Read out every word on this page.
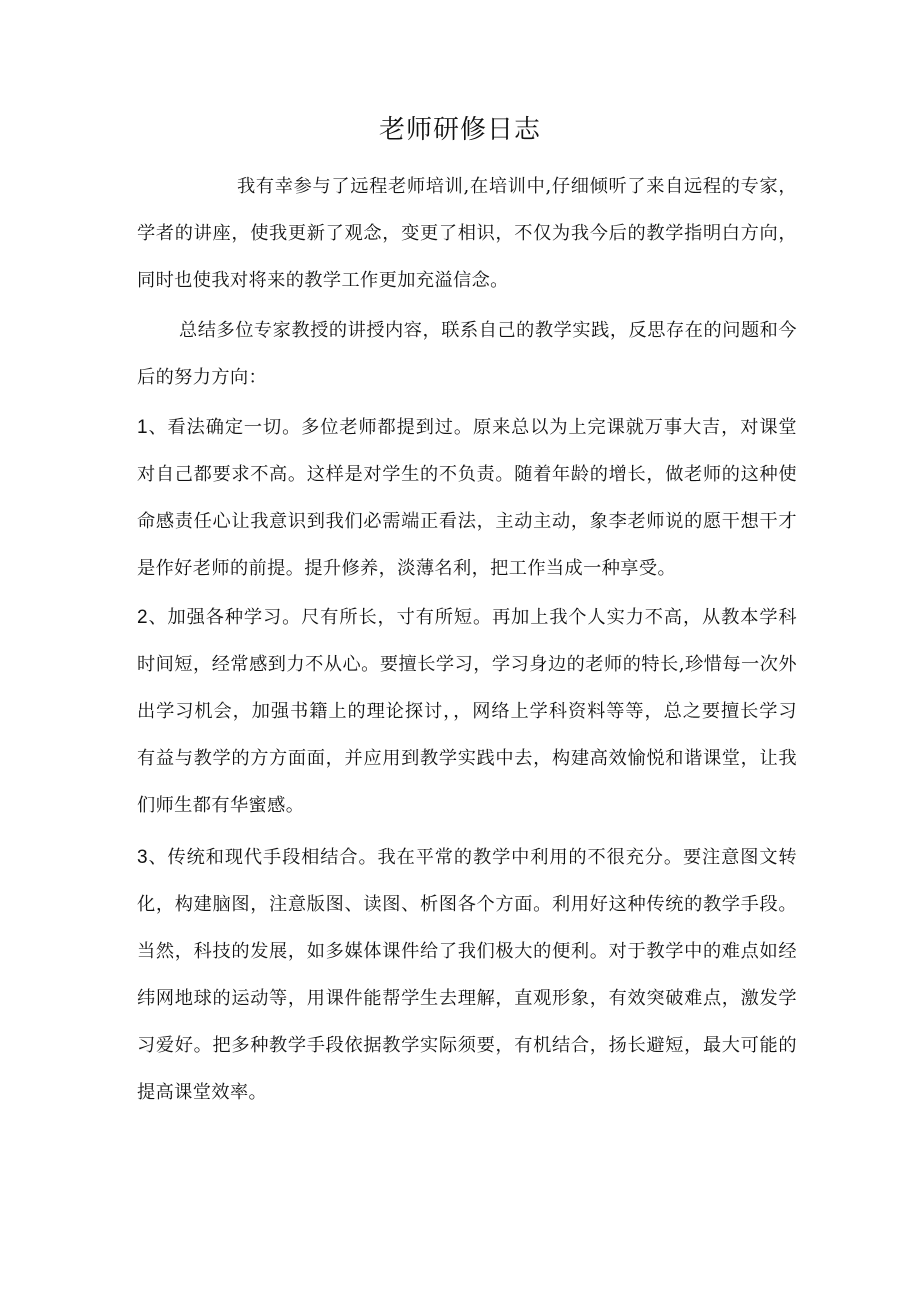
老师研修日志

我有幸参与了远程老师培训,在培训中,仔细倾听了来自远程的专家，学者的讲座，使我更新了观念，变更了相识，不仅为我今后的教学指明白方向，同时也使我对将来的教学工作更加充溢信念。

总结多位专家教授的讲授内容，联系自己的教学实践，反思存在的问题和今后的努力方向：

1、看法确定一切。多位老师都提到过。原来总以为上完课就万事大吉，对课堂对自己都要求不高。这样是对学生的不负责。随着年龄的增长，做老师的这种使命感责任心让我意识到我们必需端正看法，主动主动，象李老师说的愿干想干才是作好老师的前提。提升修养，淡薄名利，把工作当成一种享受。

2、加强各种学习。尺有所长，寸有所短。再加上我个人实力不高，从教本学科时间短，经常感到力不从心。要擅长学习，学习身边的老师的特长,珍惜每一次外出学习机会，加强书籍上的理论探讨，，网络上学科资料等等，总之要擅长学习有益与教学的方方面面，并应用到教学实践中去，构建高效愉悦和谐课堂，让我们师生都有华蜜感。

3、传统和现代手段相结合。我在平常的教学中利用的不很充分。要注意图文转化，构建脑图，注意版图、读图、析图各个方面。利用好这种传统的教学手段。当然，科技的发展，如多媒体课件给了我们极大的便利。对于教学中的难点如经纬网地球的运动等，用课件能帮学生去理解，直观形象，有效突破难点，激发学习爱好。把多种教学手段依据教学实际须要，有机结合，扬长避短，最大可能的提高课堂效率。
